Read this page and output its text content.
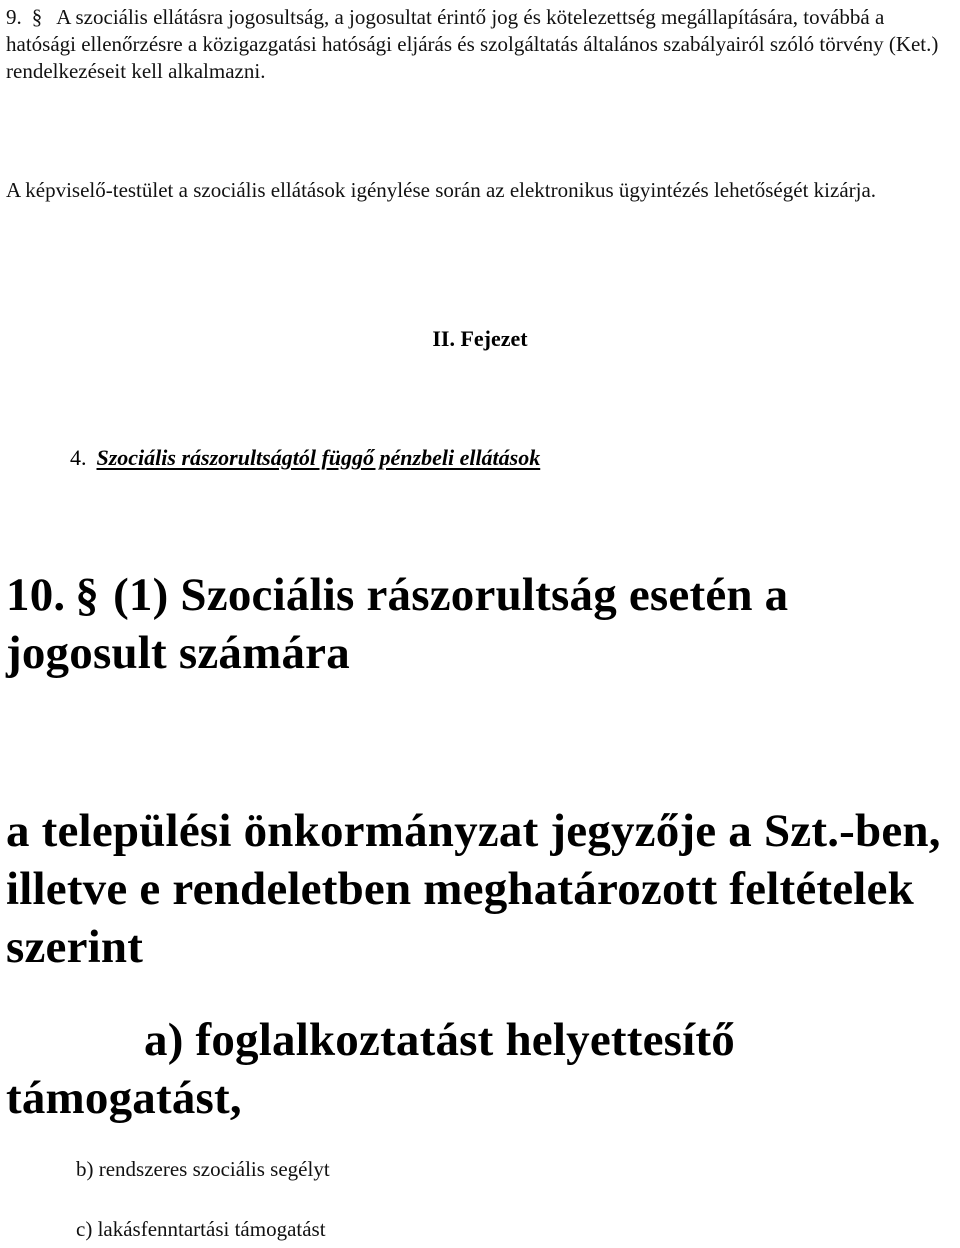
9. § A szociális ellátásra jogosultság, a jogosultat érintő jog és kötelezettség megállapítására, továbbá a hatósági ellenőrzésre a közigazgatási hatósági eljárás és szolgáltatás általános szabályairól szóló törvény (Ket.) rendelkezéseit kell alkalmazni.

A képviselő-testület a szociális ellátások igénylése során az elektronikus ügyintézés lehetőségét kizárja.

II. Fejezet

4. Szociális rászorultságtól függő pénzbeli ellátások

10. § (1) Szociális rászorultság esetén a jogosult számára

a települési önkormányzat jegyzője a Szt.-ben, illetve e rendeletben meghatározott feltételek szerint

a) foglalkoztatást helyettesítő támogatást,

b) rendszeres szociális segélyt

c) lakásfenntartási támogatást
